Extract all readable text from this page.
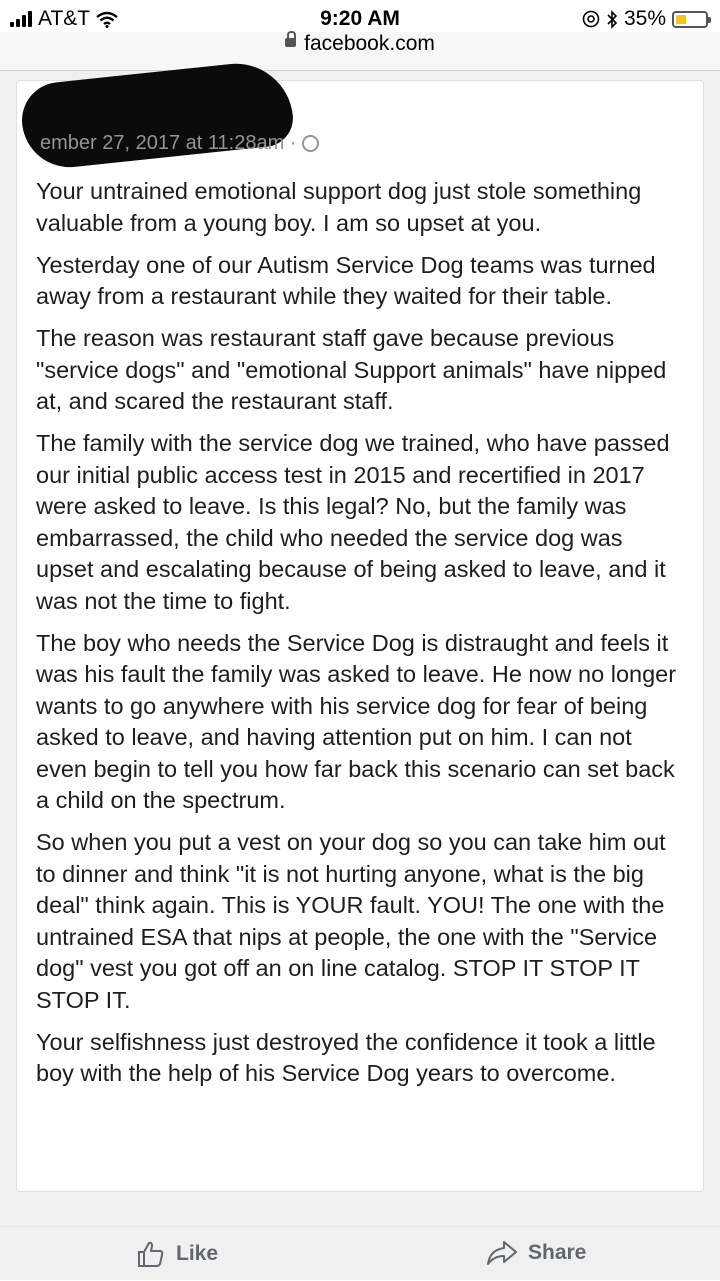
AT&T	9:20 AM	35%
facebook.com
ember 27, 2017 at 11:28am ·

Your untrained emotional support dog just stole something valuable from a young boy. I am so upset at you.

Yesterday one of our Autism Service Dog teams was turned away from a restaurant while they waited for their table.

The reason was restaurant staff gave because previous "service dogs" and "emotional Support animals" have nipped at, and scared the restaurant staff.

The family with the service dog we trained, who have passed our initial public access test in 2015 and recertified in 2017 were asked to leave. Is this legal? No, but the family was embarrassed, the child who needed the service dog was upset and escalating because of being asked to leave, and it was not the time to fight.

The boy who needs the Service Dog is distraught and feels it was his fault the family was asked to leave. He now no longer wants to go anywhere with his service dog for fear of being asked to leave, and having attention put on him. I can not even begin to tell you how far back this scenario can set back a child on the spectrum.

So when you put a vest on your dog so you can take him out to dinner and think "it is not hurting anyone, what is the big deal" think again. This is YOUR fault. YOU! The one with the untrained ESA that nips at people, the one with the "Service dog" vest you got off an on line catalog. STOP IT STOP IT STOP IT.

Your selfishness just destroyed the confidence it took a little boy with the help of his Service Dog years to overcome.

Like	Share
